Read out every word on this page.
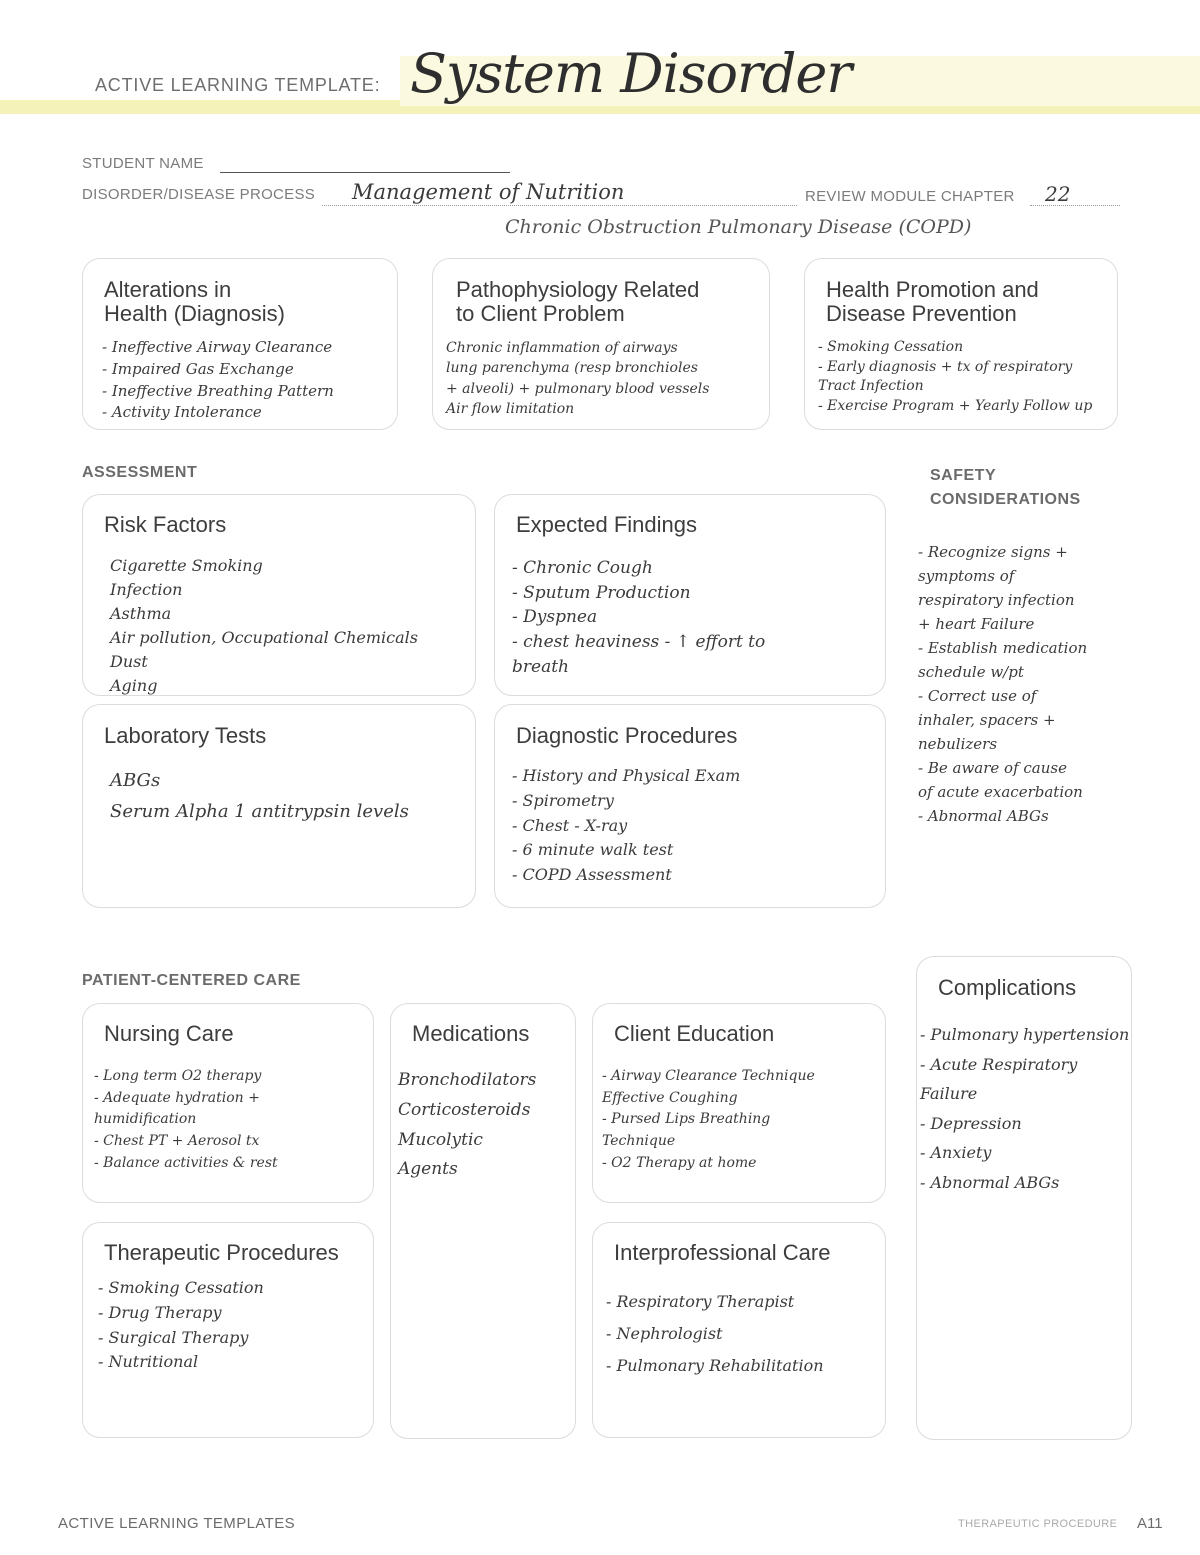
ACTIVE LEARNING TEMPLATE: System Disorder
STUDENT NAME
DISORDER/DISEASE PROCESS Management of Nutrition
Chronic Obstruction Pulmonary Disease (COPD)
REVIEW MODULE CHAPTER 22
Alterations in
Health (Diagnosis)
- Ineffective Airway Clearance
- Impaired Gas Exchange
- Ineffective Breathing Pattern
- Activity Intolerance
Pathophysiology Related
to Client Problem
Chronic inflammation of airways
lung parenchyma (resp bronchioles
+ alveoli) + pulmonary blood vessels
Air flow limitation
Health Promotion and
Disease Prevention
- Smoking Cessation
- Early diagnosis + tx of respiratory
Tract Infection
- Exercise Program + Yearly Follow up
ASSESSMENT
Risk Factors
Cigarette Smoking
Infection
Asthma
Air pollution, Occupational Chemicals
Dust
Aging
Expected Findings
- Chronic Cough
- Sputum Production
- Dyspnea
- chest heaviness - ↑ effort to
breath
Laboratory Tests
ABGs
Serum Alpha 1 antitrypsin levels
Diagnostic Procedures
- History and Physical Exam
- Spirometry
- Chest - X-ray
- 6 minute walk test
- COPD Assessment
SAFETY
CONSIDERATIONS
- Recognize signs +
symptoms of
respiratory infection
+ heart Failure
- Establish medication
schedule w/pt
- Correct use of
inhaler, spacers +
nebulizers
- Be aware of cause
of acute exacerbation
- Abnormal ABGs
PATIENT-CENTERED CARE
Nursing Care
- Long term O2 therapy
- Adequate hydration +
humidification
- Chest PT + Aerosol tx
- Balance activities & rest
Medications
Bronchodilators
Corticosteroids
Mucolytic
Agents
Client Education
- Airway Clearance Technique
Effective Coughing
- Pursed Lips Breathing
Technique
- O2 Therapy at home
Therapeutic Procedures
- Smoking Cessation
- Drug Therapy
- Surgical Therapy
- Nutritional
Interprofessional Care
- Respiratory Therapist
- Nephrologist
- Pulmonary Rehabilitation
Complications
- Pulmonary hypertension
- Acute Respiratory
Failure
- Depression
- Anxiety
- Abnormal ABGs
ACTIVE LEARNING TEMPLATES	THERAPEUTIC PROCEDURE A11
